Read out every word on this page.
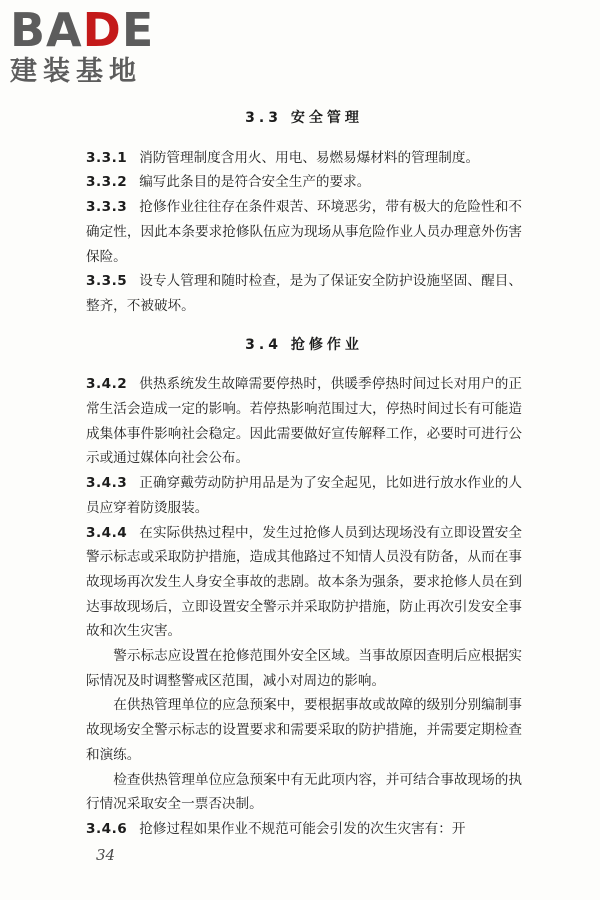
BADE
建装基地
3.3 安全管理

3.3.1 消防管理制度含用火、用电、易燃易爆材料的管理制度。

3.3.2 编写此条目的是符合安全生产的要求。

3.3.3 抢修作业往往存在条件艰苦、环境恶劣，带有极大的危险性和不确定性，因此本条要求抢修队伍应为现场从事危险作业人员办理意外伤害保险。

3.3.5 设专人管理和随时检查，是为了保证安全防护设施坚固、醒目、整齐，不被破坏。

3.4 抢修作业

3.4.2 供热系统发生故障需要停热时，供暖季停热时间过长对用户的正常生活会造成一定的影响。若停热影响范围过大，停热时间过长有可能造成集体事件影响社会稳定。因此需要做好宣传解释工作，必要时可进行公示或通过媒体向社会公布。

3.4.3 正确穿戴劳动防护用品是为了安全起见，比如进行放水作业的人员应穿着防烫服装。

3.4.4 在实际供热过程中，发生过抢修人员到达现场没有立即设置安全警示标志或采取防护措施，造成其他路过不知情人员没有防备，从而在事故现场再次发生人身安全事故的悲剧。故本条为强条，要求抢修人员在到达事故现场后，立即设置安全警示并采取防护措施，防止再次引发安全事故和次生灾害。

警示标志应设置在抢修范围外安全区域。当事故原因查明后应根据实际情况及时调整警戒区范围，减小对周边的影响。

在供热管理单位的应急预案中，要根据事故或故障的级别分别编制事故现场安全警示标志的设置要求和需要采取的防护措施，并需要定期检查和演练。

检查供热管理单位应急预案中有无此项内容，并可结合事故现场的执行情况采取安全一票否决制。

3.4.6 抢修过程如果作业不规范可能会引发的次生灾害有：开

34
